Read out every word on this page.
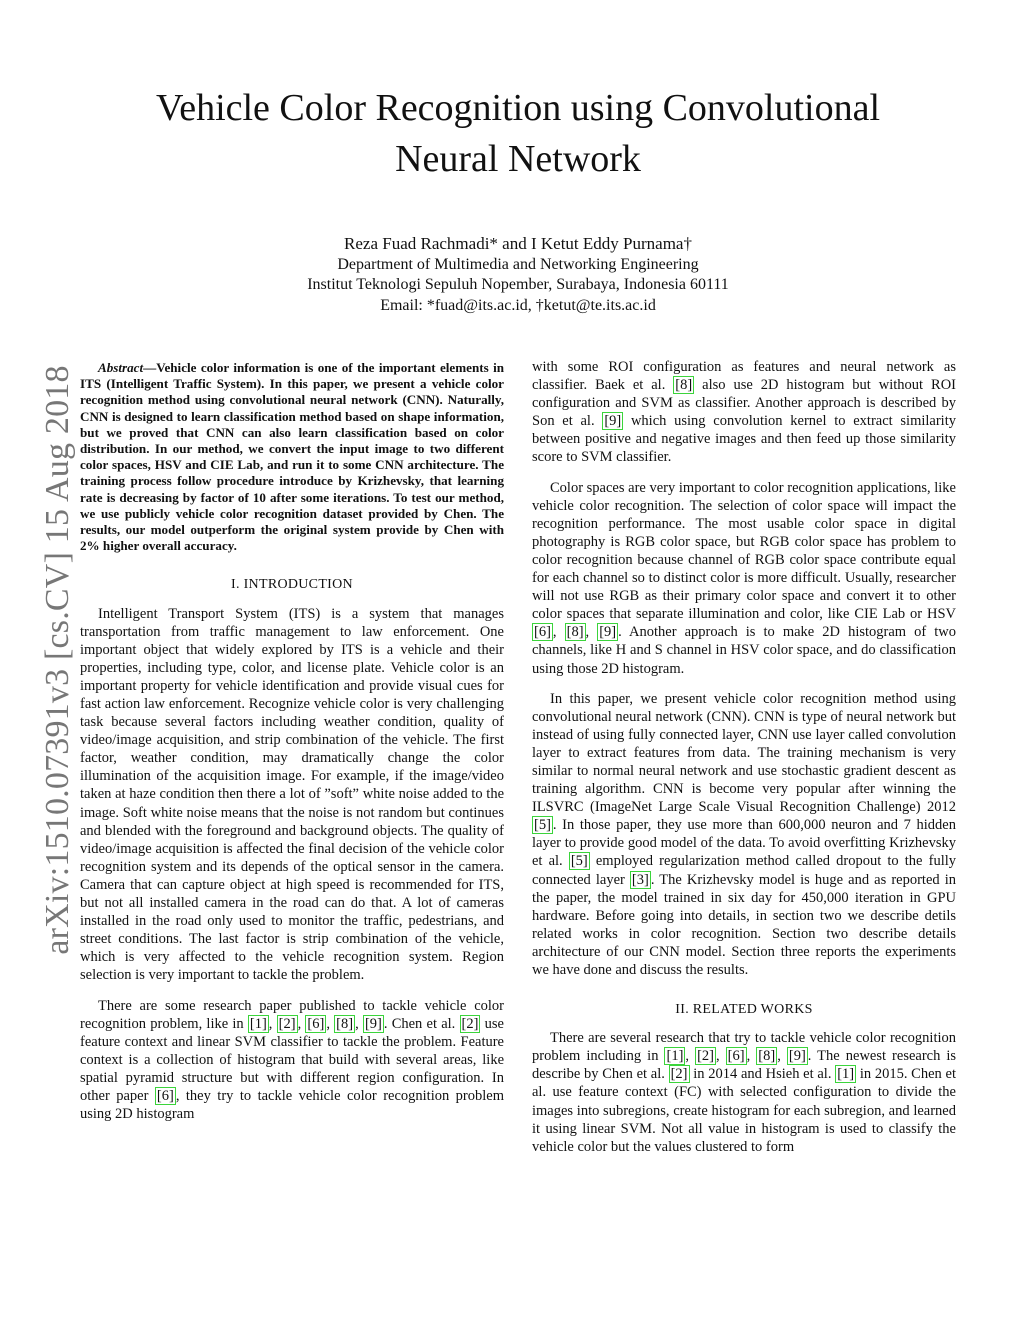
arXiv:1510.07391v3 [cs.CV] 15 Aug 2018
Vehicle Color Recognition using Convolutional
Neural Network
Reza Fuad Rachmadi* and I Ketut Eddy Purnama†
Department of Multimedia and Networking Engineering
Institut Teknologi Sepuluh Nopember, Surabaya, Indonesia 60111
Email: *fuad@its.ac.id, †ketut@te.its.ac.id

Abstract—Vehicle color information is one of the important elements in ITS (Intelligent Traffic System). In this paper, we present a vehicle color recognition method using convolutional neural network (CNN). Naturally, CNN is designed to learn classification method based on shape information, but we proved that CNN can also learn classification based on color distribution. In our method, we convert the input image to two different color spaces, HSV and CIE Lab, and run it to some CNN architecture. The training process follow procedure introduce by Krizhevsky, that learning rate is decreasing by factor of 10 after some iterations. To test our method, we use publicly vehicle color recognition dataset provided by Chen. The results, our model outperform the original system provide by Chen with 2% higher overall accuracy.

I. INTRODUCTION

Intelligent Transport System (ITS) is a system that manages transportation from traffic management to law enforcement. One important object that widely explored by ITS is a vehicle and their properties, including type, color, and license plate. Vehicle color is an important property for vehicle identification and provide visual cues for fast action law enforcement. Recognize vehicle color is very challenging task because several factors including weather condition, quality of video/image acquisition, and strip combination of the vehicle. The first factor, weather condition, may dramatically change the color illumination of the acquisition image. For example, if the image/video taken at haze condition then there a lot of ”soft” white noise added to the image. Soft white noise means that the noise is not random but continues and blended with the foreground and background objects. The quality of video/image acquisition is affected the final decision of the vehicle color recognition system and its depends of the optical sensor in the camera. Camera that can capture object at high speed is recommended for ITS, but not all installed camera in the road can do that. A lot of cameras installed in the road only used to monitor the traffic, pedestrians, and street conditions. The last factor is strip combination of the vehicle, which is very affected to the vehicle recognition system. Region selection is very important to tackle the problem.

There are some research paper published to tackle vehicle color recognition problem, like in [1] , [2] , [6] , [8] , [9] . Chen et al. [2] use feature context and linear SVM classifier to tackle the problem. Feature context is a collection of histogram that build with several areas, like spatial pyramid structure but with different region configuration. In other paper [6] , they try to tackle vehicle color recognition problem using 2D histogram

with some ROI configuration as features and neural network as classifier. Baek et al. [8] also use 2D histogram but without ROI configuration and SVM as classifier. Another approach is described by Son et al. [9] which using convolution kernel to extract similarity between positive and negative images and then feed up those similarity score to SVM classifier.

Color spaces are very important to color recognition applications, like vehicle color recognition. The selection of color space will impact the recognition performance. The most usable color space in digital photography is RGB color space, but RGB color space has problem to color recognition because channel of RGB color space contribute equal for each channel so to distinct color is more difficult. Usually, researcher will not use RGB as their primary color space and convert it to other color spaces that separate illumination and color, like CIE Lab or HSV [6] , [8] , [9] . Another approach is to make 2D histogram of two channels, like H and S channel in HSV color space, and do classification using those 2D histogram.

In this paper, we present vehicle color recognition method using convolutional neural network (CNN). CNN is type of neural network but instead of using fully connected layer, CNN use layer called convolution layer to extract features from data. The training mechanism is very similar to normal neural network and use stochastic gradient descent as training algorithm. CNN is become very popular after winning the ILSVRC (ImageNet Large Scale Visual Recognition Challenge) 2012 [5] . In those paper, they use more than 600,000 neuron and 7 hidden layer to provide good model of the data. To avoid overfitting Krizhevsky et al. [5] employed regularization method called dropout to the fully connected layer [3] . The Krizhevsky model is huge and as reported in the paper, the model trained in six day for 450,000 iteration in GPU hardware. Before going into details, in section two we describe detils related works in color recognition. Section two describe details architecture of our CNN model. Section three reports the experiments we have done and discuss the results.

II. RELATED WORKS

There are several research that try to tackle vehicle color recognition problem including in [1] , [2] , [6] , [8] , [9] . The newest research is describe by Chen et al. [2] in 2014 and Hsieh et al. [1] in 2015. Chen et al. use feature context (FC) with selected configuration to divide the images into subregions, create histogram for each subregion, and learned it using linear SVM. Not all value in histogram is used to classify the vehicle color but the values clustered to form
